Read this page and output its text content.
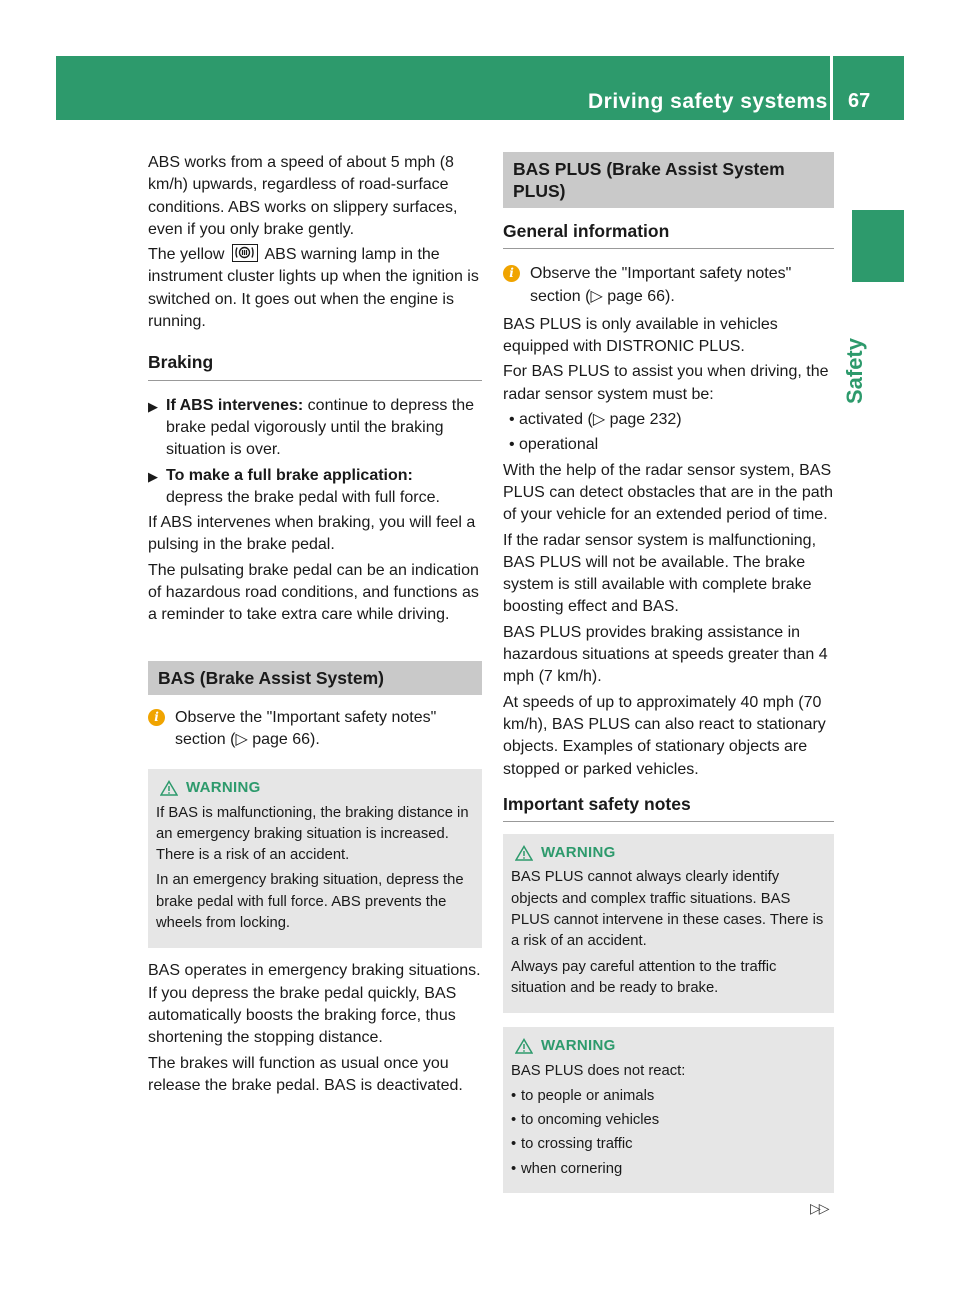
Driving safety systems 67
Safety

ABS works from a speed of about 5 mph (8 km/h) upwards, regardless of road-surface conditions. ABS works on slippery surfaces, even if you only brake gently.

The yellow	ABS warning lamp in the instrument cluster lights up when the ignition is switched on. It goes out when the engine is running.

Braking
▶ If ABS intervenes: continue to depress the brake pedal vigorously until the braking situation is over.
▶ To make a full brake application:
depress the brake pedal with full force.

If ABS intervenes when braking, you will feel a pulsing in the brake pedal.

The pulsating brake pedal can be an indication of hazardous road conditions, and functions as a reminder to take extra care while driving.

BAS (Brake Assist System)
i	Observe the "Important safety notes" section (▷ page 66).
WARNING

If BAS is malfunctioning, the braking distance in an emergency braking situation is increased. There is a risk of an accident.

In an emergency braking situation, depress the brake pedal with full force. ABS prevents the wheels from locking.

BAS operates in emergency braking situations. If you depress the brake pedal quickly, BAS automatically boosts the braking force, thus shortening the stopping distance.

The brakes will function as usual once you release the brake pedal. BAS is deactivated.

BAS PLUS (Brake Assist System PLUS)
General information
i	Observe the "Important safety notes" section (▷ page 66).

BAS PLUS is only available in vehicles equipped with DISTRONIC PLUS.

For BAS PLUS to assist you when driving, the radar sensor system must be:

• activated (▷ page 232)
• operational

With the help of the radar sensor system, BAS PLUS can detect obstacles that are in the path of your vehicle for an extended period of time.

If the radar sensor system is malfunctioning, BAS PLUS will not be available. The brake system is still available with complete brake boosting effect and BAS.

BAS PLUS provides braking assistance in hazardous situations at speeds greater than 4 mph (7 km/h).

At speeds of up to approximately 40 mph (70 km/h), BAS PLUS can also react to stationary objects. Examples of stationary objects are stopped or parked vehicles.

Important safety notes
WARNING

BAS PLUS cannot always clearly identify objects and complex traffic situations. BAS PLUS cannot intervene in these cases. There is a risk of an accident.

Always pay careful attention to the traffic situation and be ready to brake.

WARNING

BAS PLUS does not react:

• to people or animals
• to oncoming vehicles
• to crossing traffic
• when cornering
▷▷
